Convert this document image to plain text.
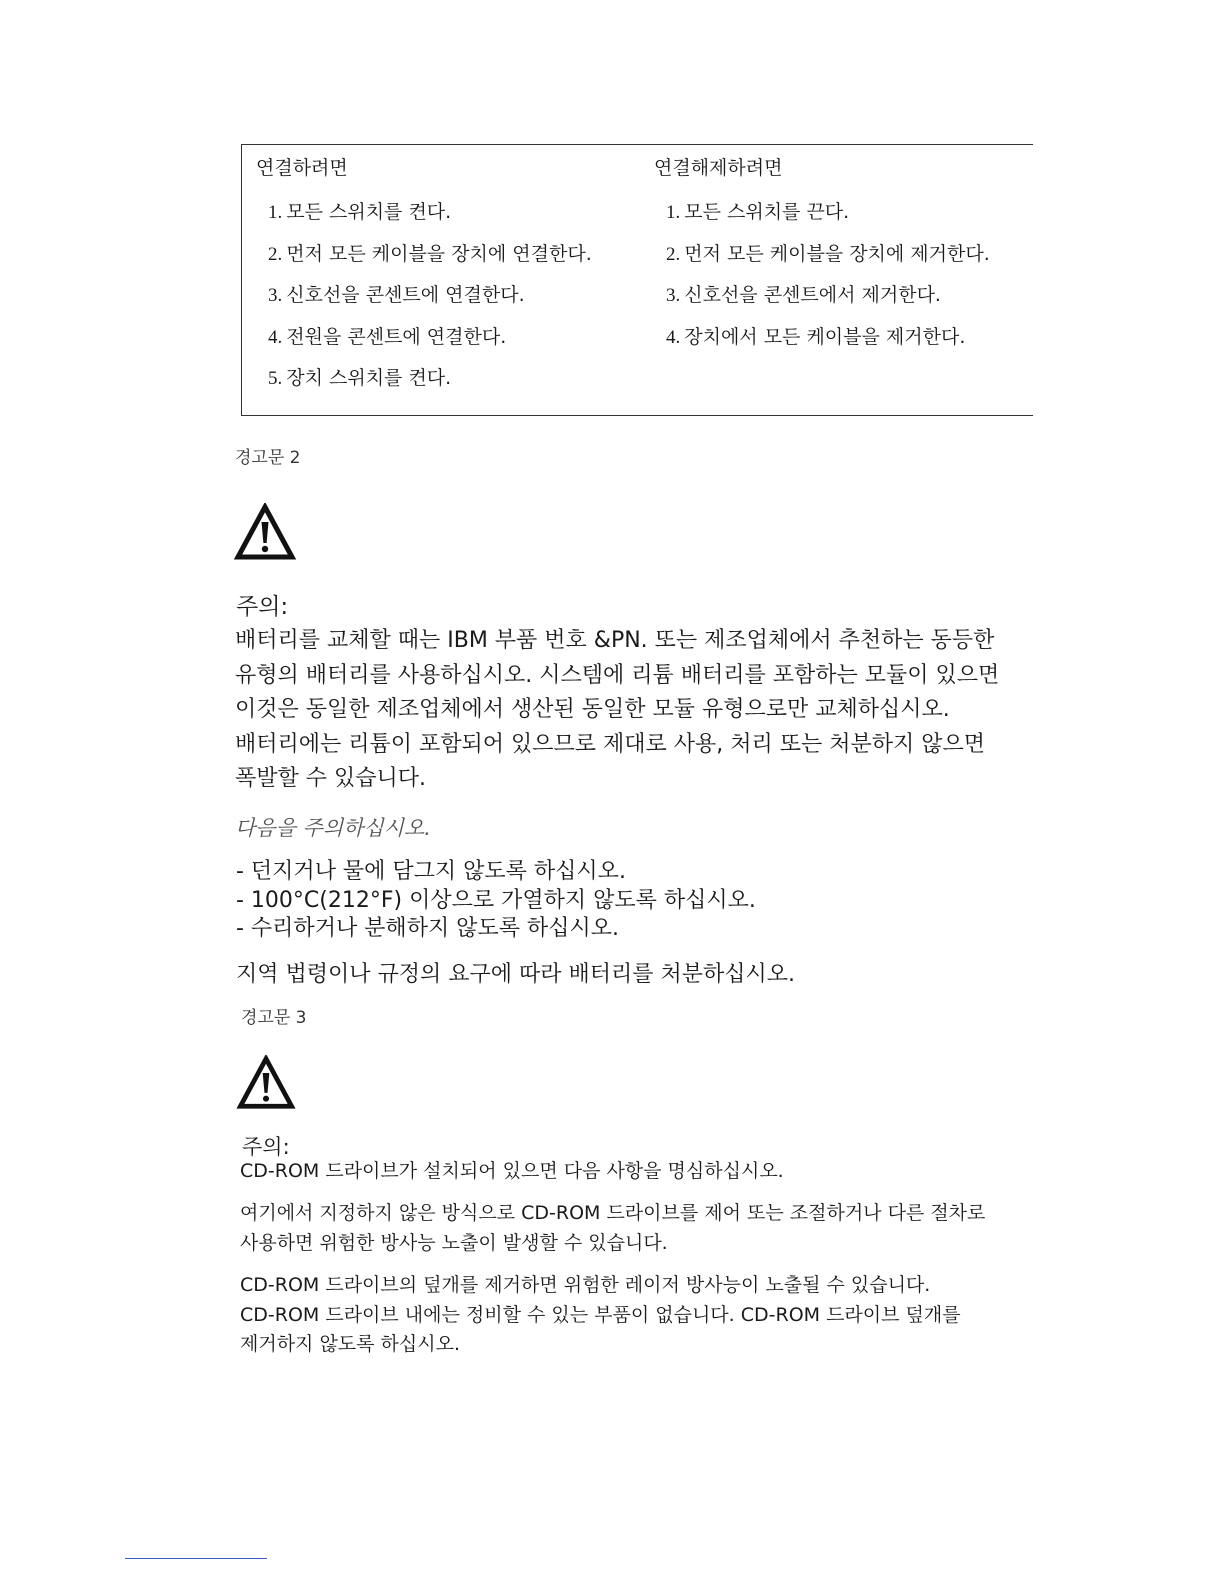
연결하려면
1. 모든 스위치를 켠다.
2. 먼저 모든 케이블을 장치에 연결한다.
3. 신호선을 콘센트에 연결한다.
4. 전원을 콘센트에 연결한다.
5. 장치 스위치를 켠다.
연결해제하려면
1. 모든 스위치를 끈다.
2. 먼저 모든 케이블을 장치에 제거한다.
3. 신호선을 콘센트에서 제거한다.
4. 장치에서 모든 케이블을 제거한다.
경고문 2
주의:
배터리를 교체할 때는 IBM 부품 번호 &PN. 또는 제조업체에서 추천하는 동등한
유형의 배터리를 사용하십시오. 시스템에 리튬 배터리를 포함하는 모듈이 있으면
이것은 동일한 제조업체에서 생산된 동일한 모듈 유형으로만 교체하십시오.
배터리에는 리튬이 포함되어 있으므로 제대로 사용, 처리 또는 처분하지 않으면
폭발할 수 있습니다.
다음을 주의하십시오.
- 던지거나 물에 담그지 않도록 하십시오.
- 100°C(212°F) 이상으로 가열하지 않도록 하십시오.
- 수리하거나 분해하지 않도록 하십시오.
지역 법령이나 규정의 요구에 따라 배터리를 처분하십시오.
경고문 3
주의:
CD-ROM 드라이브가 설치되어 있으면 다음 사항을 명심하십시오.
여기에서 지정하지 않은 방식으로 CD-ROM 드라이브를 제어 또는 조절하거나 다른 절차로
사용하면 위험한 방사능 노출이 발생할 수 있습니다.
CD-ROM 드라이브의 덮개를 제거하면 위험한 레이저 방사능이 노출될 수 있습니다.
CD-ROM 드라이브 내에는 정비할 수 있는 부품이 없습니다. CD-ROM 드라이브 덮개를
제거하지 않도록 하십시오.
